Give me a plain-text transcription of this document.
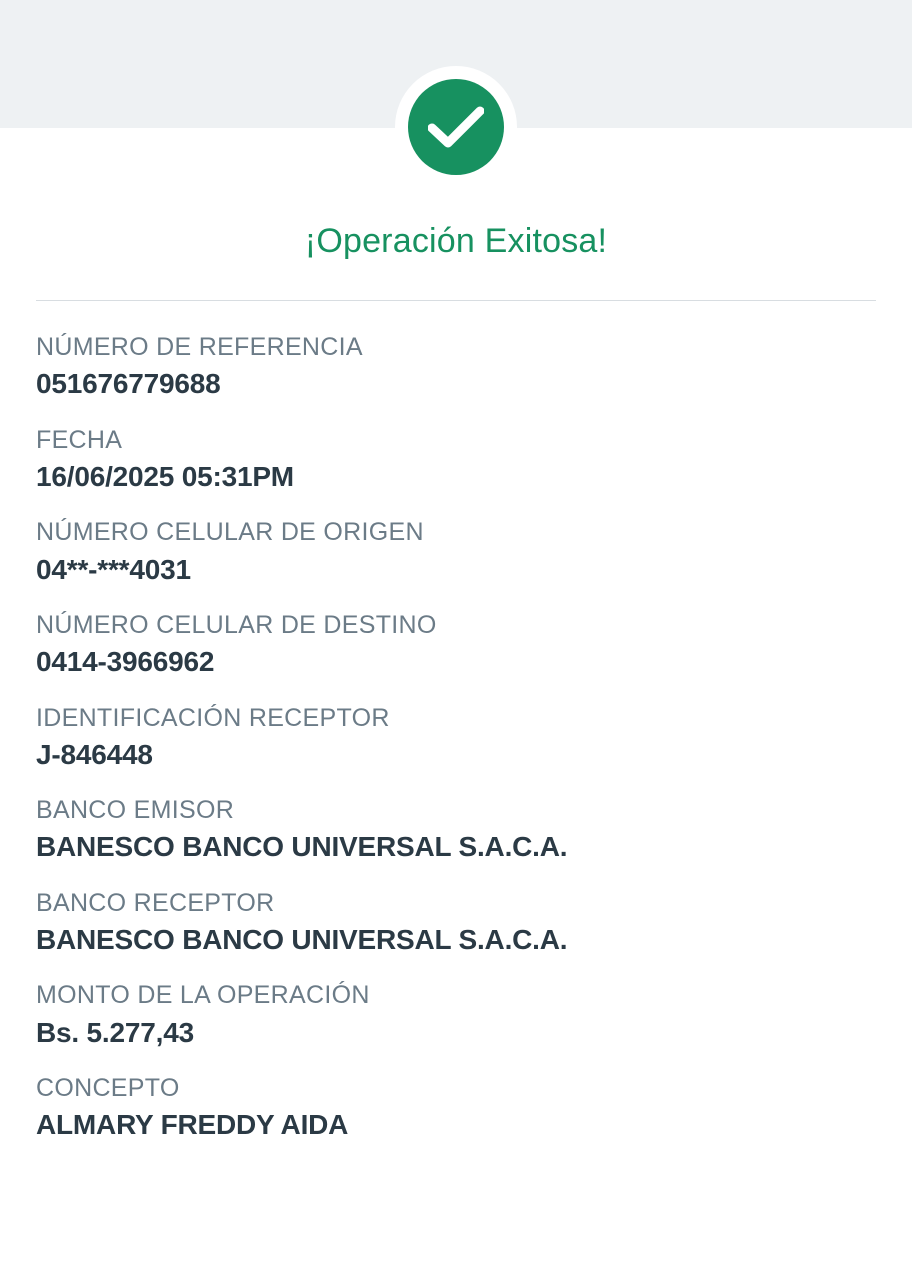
¡Operación Exitosa!
NÚMERO DE REFERENCIA
051676779688
FECHA
16/06/2025 05:31PM
NÚMERO CELULAR DE ORIGEN
04**-***4031
NÚMERO CELULAR DE DESTINO
0414-3966962
IDENTIFICACIÓN RECEPTOR
J-846448
BANCO EMISOR
BANESCO BANCO UNIVERSAL S.A.C.A.
BANCO RECEPTOR
BANESCO BANCO UNIVERSAL S.A.C.A.
MONTO DE LA OPERACIÓN
Bs. 5.277,43
CONCEPTO
ALMARY FREDDY AIDA
